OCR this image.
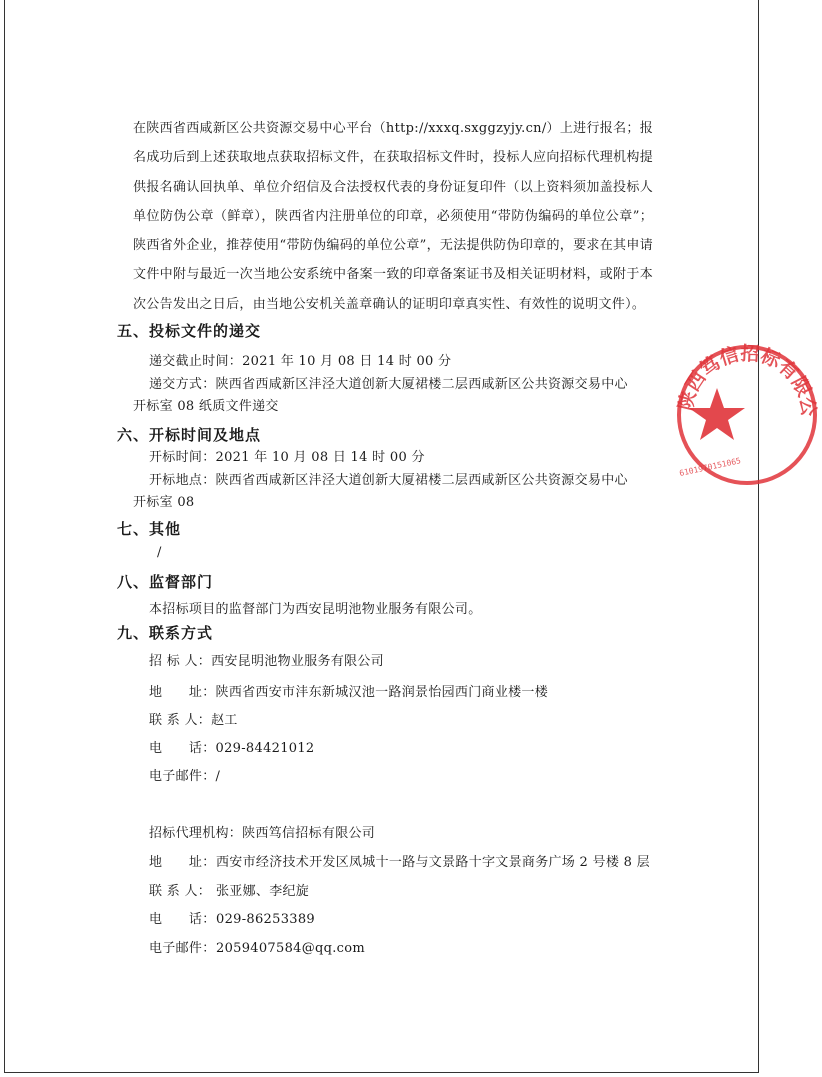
在陕西省西咸新区公共资源交易中心平台（http://xxxq.sxggzyjy.cn/）上进行报名；报名成功后到上述获取地点获取招标文件，在获取招标文件时，投标人应向招标代理机构提供报名确认回执单、单位介绍信及合法授权代表的身份证复印件（以上资料须加盖投标人单位防伪公章（鲜章），陕西省内注册单位的印章，必须使用“带防伪编码的单位公章”；陕西省外企业，推荐使用“带防伪编码的单位公章”，无法提供防伪印章的，要求在其申请文件中附与最近一次当地公安系统中备案一致的印章备案证书及相关证明材料，或附于本次公告发出之日后，由当地公安机关盖章确认的证明印章真实性、有效性的说明文件）。
五、投标文件的递交
递交截止时间：2021 年 10 月 08 日 14 时 00 分
递交方式：陕西省西咸新区沣泾大道创新大厦裙楼二层西咸新区公共资源交易中心开标室 08 纸质文件递交
六、开标时间及地点
开标时间：2021 年 10 月 08 日 14 时 00 分
开标地点：陕西省西咸新区沣泾大道创新大厦裙楼二层西咸新区公共资源交易中心开标室 08
七、其他
/
八、监督部门
本招标项目的监督部门为西安昆明池物业服务有限公司。
九、联系方式
招 标 人：西安昆明池物业服务有限公司
地　　址：陕西省西安市沣东新城汉池一路润景怡园西门商业楼一楼
联 系 人：赵工
电　　话：029-84421012
电子邮件：/
招标代理机构：陕西笃信招标有限公司
地　　址：西安市经济技术开发区凤城十一路与文景路十字文景商务广场 2 号楼 8 层
联 系 人： 张亚娜、李纪旋
电　　话：029-86253389
电子邮件：2059407584@qq.com
陕西笃信招标有限公
6101970151065
